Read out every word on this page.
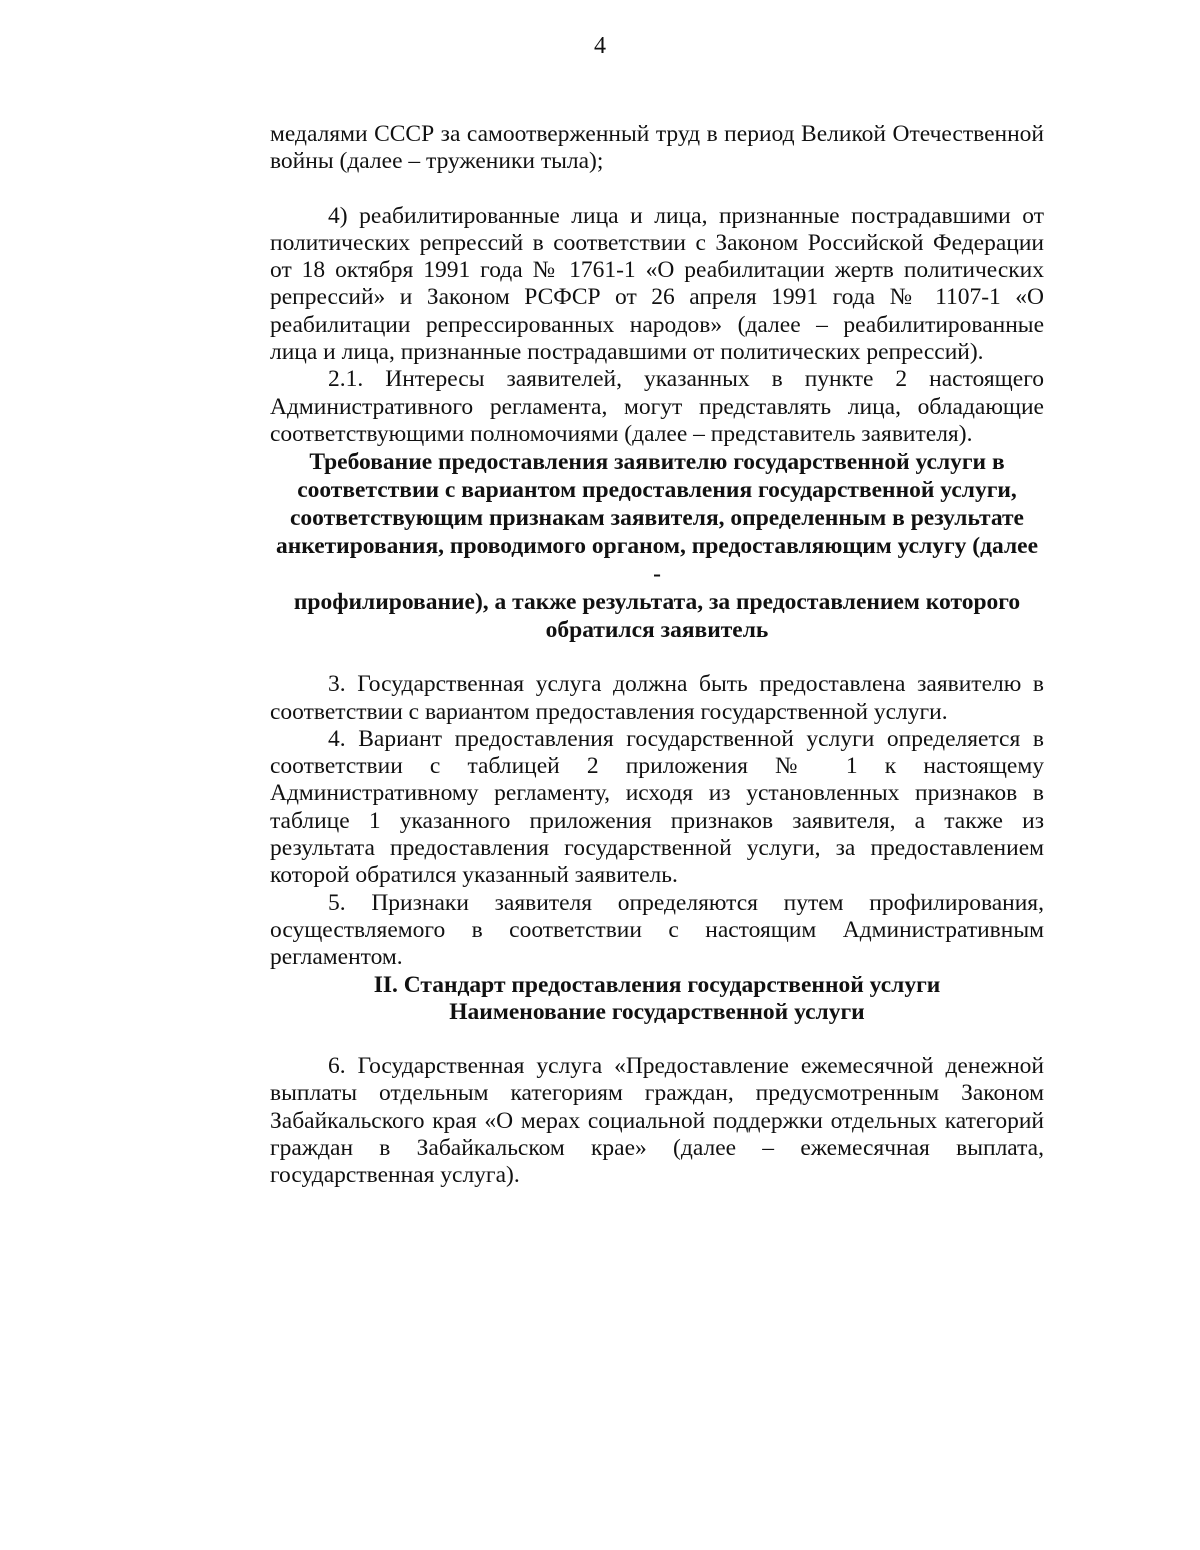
4

медалями СССР за самоотверженный труд в период Великой Отечественной войны (далее – труженики тыла);

4) реабилитированные лица и лица, признанные пострадавшими от политических репрессий в соответствии с Законом Российской Федерации от 18 октября 1991 года № 1761-1 «О реабилитации жертв политических репрессий» и Законом РСФСР от 26 апреля 1991 года № 1107-1 «О реабилитации репрессированных народов» (далее – реабилитированные лица и лица, признанные пострадавшими от политических репрессий).

2.1. Интересы заявителей, указанных в пункте 2 настоящего Административного регламента, могут представлять лица, обладающие соответствующими полномочиями (далее – представитель заявителя).

Требование предоставления заявителю государственной услуги в
соответствии с вариантом предоставления государственной услуги,
соответствующим признакам заявителя, определенным в результате
анкетирования, проводимого органом, предоставляющим услугу (далее -
профилирование), а также результата, за предоставлением которого
обратился заявитель

3. Государственная услуга должна быть предоставлена заявителю в соответствии с вариантом предоставления государственной услуги.

4. Вариант предоставления государственной услуги определяется в соответствии с таблицей 2 приложения № 1 к настоящему Административному регламенту, исходя из установленных признаков в таблице 1 указанного приложения признаков заявителя, а также из результата предоставления государственной услуги, за предоставлением которой обратился указанный заявитель.

5. Признаки заявителя определяются путем профилирования, осуществляемого в соответствии с настоящим Административным регламентом.

II. Стандарт предоставления государственной услуги

Наименование государственной услуги

6. Государственная услуга «Предоставление ежемесячной денежной выплаты отдельным категориям граждан, предусмотренным Законом Забайкальского края «О мерах социальной поддержки отдельных категорий граждан в Забайкальском крае» (далее – ежемесячная выплата, государственная услуга).
